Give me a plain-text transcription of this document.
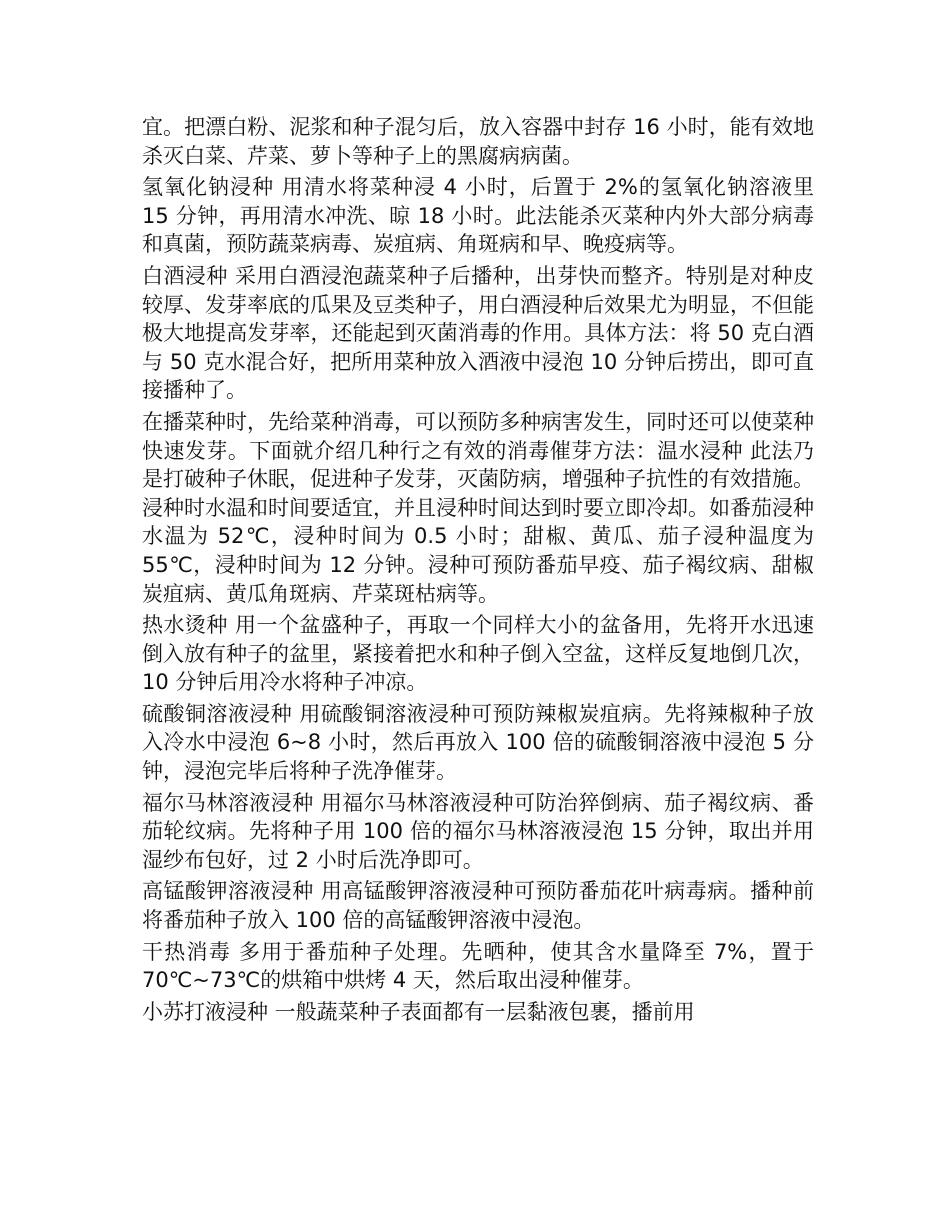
宜。把漂白粉、泥浆和种子混匀后，放入容器中封存 16 小时，能有效地杀灭白菜、芹菜、萝卜等种子上的黑腐病病菌。

氢氧化钠浸种 用清水将菜种浸 4 小时，后置于 2%的氢氧化钠溶液里 15 分钟，再用清水冲洗、晾 18 小时。此法能杀灭菜种内外大部分病毒和真菌，预防蔬菜病毒、炭疽病、角斑病和早、晚疫病等。

白酒浸种 采用白酒浸泡蔬菜种子后播种，出芽快而整齐。特别是对种皮较厚、发芽率底的瓜果及豆类种子，用白酒浸种后效果尤为明显，不但能极大地提高发芽率，还能起到灭菌消毒的作用。具体方法：将 50 克白酒与 50 克水混合好，把所用菜种放入酒液中浸泡 10 分钟后捞出，即可直接播种了。

在播菜种时，先给菜种消毒，可以预防多种病害发生，同时还可以使菜种快速发芽。下面就介绍几种行之有效的消毒催芽方法：温水浸种 此法乃是打破种子休眠，促进种子发芽，灭菌防病，增强种子抗性的有效措施。浸种时水温和时间要适宜，并且浸种时间达到时要立即冷却。如番茄浸种水温为 52℃，浸种时间为 0.5 小时；甜椒、黄瓜、茄子浸种温度为 55℃，浸种时间为 12 分钟。浸种可预防番茄早疫、茄子褐纹病、甜椒炭疽病、黄瓜角斑病、芹菜斑枯病等。

热水烫种 用一个盆盛种子，再取一个同样大小的盆备用，先将开水迅速倒入放有种子的盆里，紧接着把水和种子倒入空盆，这样反复地倒几次，10 分钟后用冷水将种子冲凉。

硫酸铜溶液浸种 用硫酸铜溶液浸种可预防辣椒炭疽病。先将辣椒种子放入冷水中浸泡 6~8 小时，然后再放入 100 倍的硫酸铜溶液中浸泡 5 分钟，浸泡完毕后将种子洗净催芽。

福尔马林溶液浸种 用福尔马林溶液浸种可防治猝倒病、茄子褐纹病、番茄轮纹病。先将种子用 100 倍的福尔马林溶液浸泡 15 分钟，取出并用湿纱布包好，过 2 小时后洗净即可。

高锰酸钾溶液浸种 用高锰酸钾溶液浸种可预防番茄花叶病毒病。播种前将番茄种子放入 100 倍的高锰酸钾溶液中浸泡。

干热消毒 多用于番茄种子处理。先晒种，使其含水量降至 7%，置于 70℃~73℃的烘箱中烘烤 4 天，然后取出浸种催芽。

小苏打液浸种 一般蔬菜种子表面都有一层黏液包裹，播前用
